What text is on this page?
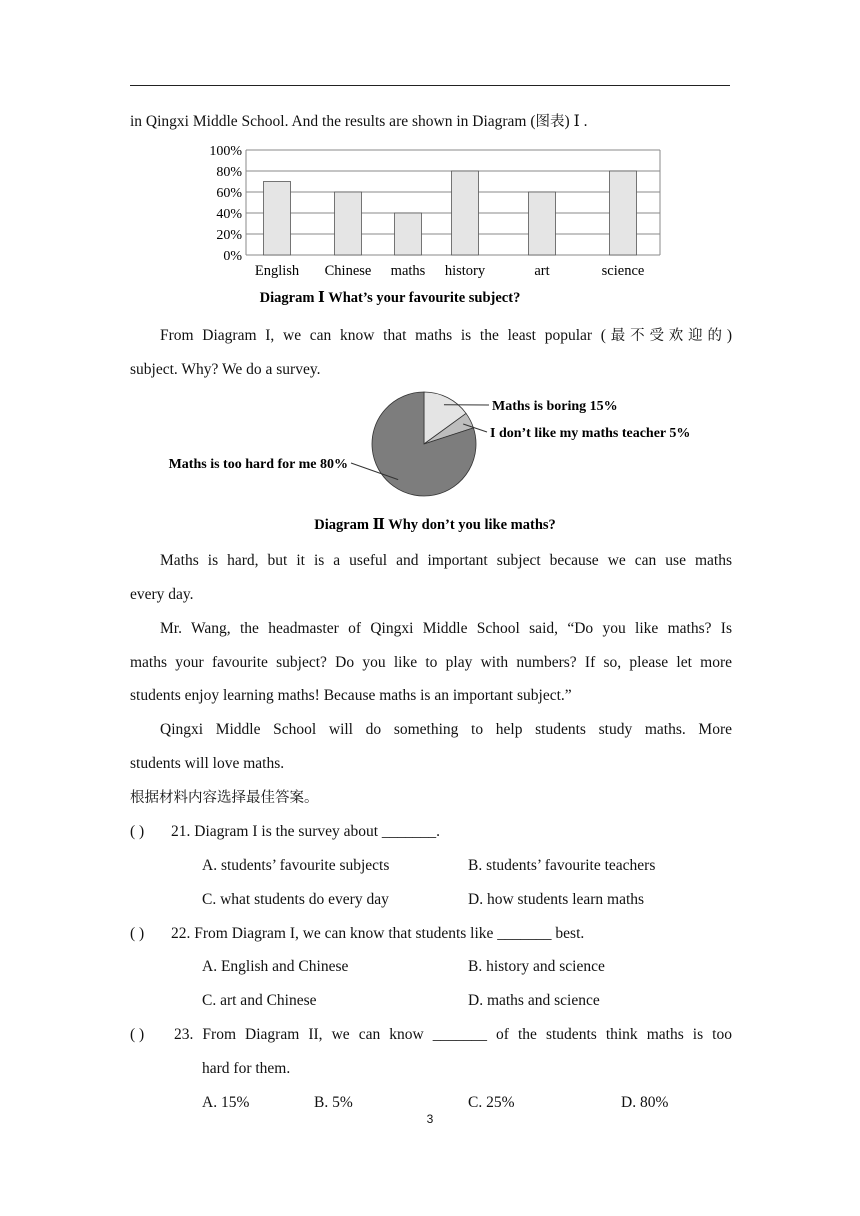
in Qingxi Middle School. And the results are shown in Diagram (图表) Ⅰ .
100%
80%
60%
40%
20%
0%
English Chinese maths history	art	science
Diagram Ⅰ What’s your favourite subject?
From Diagram I, we can know that maths is the least popular (最不受欢迎的)
subject. Why? We do a survey.
Maths is boring 15%
I don’t like my maths teacher 5%
Maths is too hard for me 80%
Diagram Ⅱ Why don’t you like maths?
Maths is hard, but it is a useful and important subject because we can use maths
every day.
Mr. Wang, the headmaster of Qingxi Middle School said, “Do you like maths? Is
maths your favourite subject? Do you like to play with numbers? If so, please let more
students enjoy learning maths! Because maths is an important subject.”
Qingxi Middle School will do something to help students study maths. More
students will love maths.
根据材料内容选择最佳答案。
( ) 21. Diagram I is the survey about _______.
A. students’ favourite subjects	B. students’ favourite teachers
C. what students do every day	D. how students learn maths
( ) 22. From Diagram I, we can know that students like _______ best.
A. English and Chinese	B. history and science
C. art and Chinese	D. maths and science
( ) 23. From Diagram II, we can know _______ of the students think maths is too
hard for them.
A. 15%	B. 5%	C. 25%	D. 80%
3
